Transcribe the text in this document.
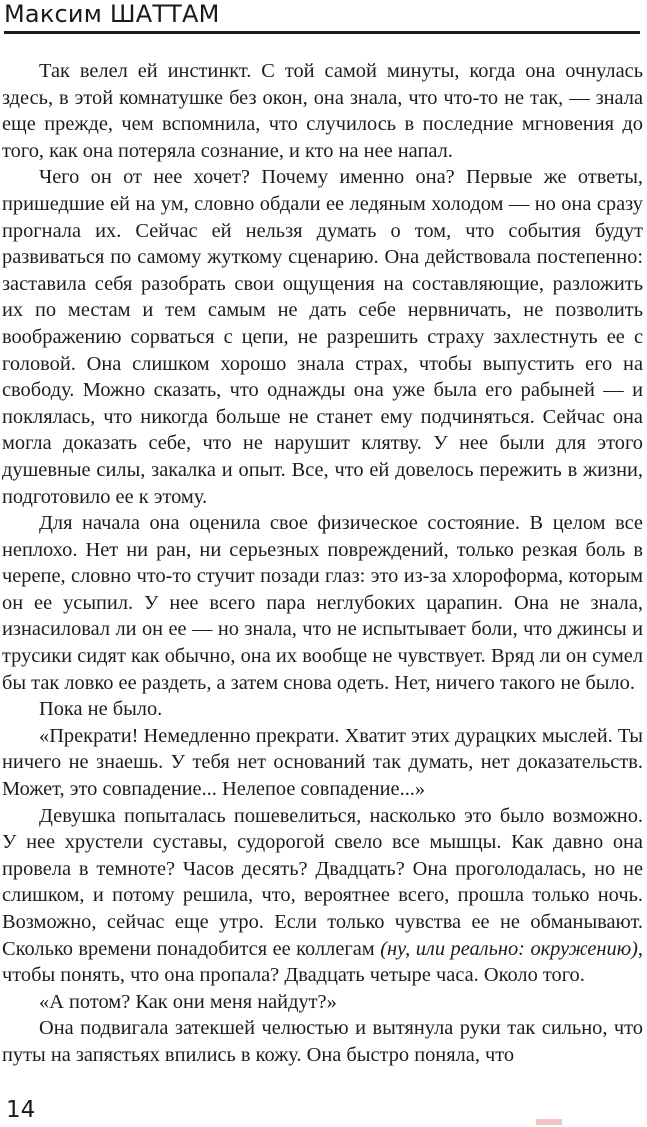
Максим ШАТТАМ

Так велел ей инстинкт. С той самой минуты, когда она очнулась здесь, в этой комнатушке без окон, она знала, что что-то не так, — знала еще прежде, чем вспомнила, что случилось в последние мгновения до того, как она потеряла сознание, и кто на нее напал.

Чего он от нее хочет? Почему именно она? Первые же ответы, пришедшие ей на ум, словно обдали ее ледяным холодом — но она сразу прогнала их. Сейчас ей нельзя думать о том, что события будут развиваться по самому жуткому сценарию. Она действовала постепенно: заставила себя разобрать свои ощущения на составляющие, разложить их по местам и тем самым не дать себе нервничать, не позволить воображению сорваться с цепи, не разрешить страху захлестнуть ее с головой. Она слишком хорошо знала страх, чтобы выпустить его на свободу. Можно сказать, что однажды она уже была его рабыней — и поклялась, что никогда больше не станет ему подчиняться. Сейчас она могла доказать себе, что не нарушит клятву. У нее были для этого душевные силы, закалка и опыт. Все, что ей довелось пережить в жизни, подготовило ее к этому.

Для начала она оценила свое физическое состояние. В целом все неплохо. Нет ни ран, ни серьезных повреждений, только резкая боль в черепе, словно что-то стучит позади глаз: это из-за хлороформа, которым он ее усыпил. У нее всего пара неглубоких царапин. Она не знала, изнасиловал ли он ее — но знала, что не испытывает боли, что джинсы и трусики сидят как обычно, она их вообще не чувствует. Вряд ли он сумел бы так ловко ее раздеть, а затем снова одеть. Нет, ничего такого не было.

Пока не было.

«Прекрати! Немедленно прекрати. Хватит этих дурацких мыслей. Ты ничего не знаешь. У тебя нет оснований так думать, нет доказательств. Может, это совпадение... Нелепое совпадение...»

Девушка попыталась пошевелиться, насколько это было возможно. У нее хрустели суставы, судорогой свело все мышцы. Как давно она провела в темноте? Часов десять? Двадцать? Она проголодалась, но не слишком, и потому решила, что, вероятнее всего, прошла только ночь. Возможно, сейчас еще утро. Если только чувства ее не обманывают. Сколько времени понадобится ее коллегам (ну, или реально: окружению), чтобы понять, что она пропала? Двадцать четыре часа. Около того.

«А потом? Как они меня найдут?»

Она подвигала затекшей челюстью и вытянула руки так сильно, что путы на запястьях впились в кожу. Она быстро поняла, что

14
